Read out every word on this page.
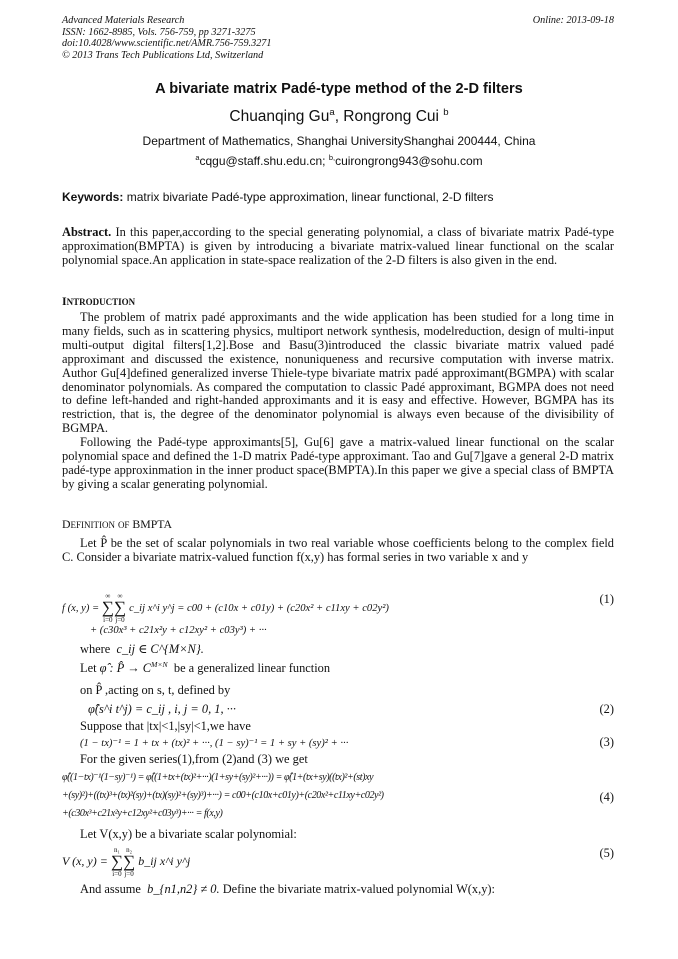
Advanced Materials Research
ISSN: 1662-8985, Vols. 756-759, pp 3271-3275
doi:10.4028/www.scientific.net/AMR.756-759.3271
© 2013 Trans Tech Publications Ltd, Switzerland
Online: 2013-09-18
A bivariate matrix Padé-type method of the 2-D filters
Chuanqing Gu$^a$, Rongrong Cui $^b$
Department of Mathematics, Shanghai UniversityShanghai 200444, China
$^a$cqgu@staff.shu.edu.cn; $^{b,}$cuirongrong943@sohu.com
Keywords: matrix bivariate Padé-type approximation, linear functional, 2-D filters
Abstract. In this paper,according to the special generating polynomial, a class of bivariate matrix Padé-type approximation(BMPTA) is given by introducing a bivariate matrix-valued linear functional on the scalar polynomial space.An application in state-space realization of the 2-D filters is also given in the end.
INTRODUCTION

The problem of matrix padé approximants and the wide application has been studied for a long time in many fields, such as in scattering physics, multiport network synthesis, modelreduction, design of multi-input multi-output digital filters[1,2].Bose and Basu(3)introduced the classic bivariate matrix valued padé approximant and discussed the existence, nonuniqueness and recursive computation with inverse matrix. Author Gu[4]defined generalized inverse Thiele-type bivariate matrix padé approximant(BGMPA) with scalar denominator polynomials. As compared the computation to classic Padé approximant, BGMPA does not need to define left-handed and right-handed approximants and it is easy and effective. However, BGMPA has its restriction, that is, the degree of the denominator polynomial is always even because of the divisibility of BGMPA.

Following the Padé-type approximants[5], Gu[6] gave a matrix-valued linear functional on the scalar polynomial space and defined the 1-D matrix Padé-type approximant. Tao and Gu[7]gave a general 2-D matrix padé-type approxinmation in the inner product space(BMPTA).In this paper we give a special class of BMPTA by giving a scalar generating polynomial.

DEFINITION OF BMPTA

Let P̂ be the set of scalar polynomials in two real variable whose coefficients belong to the complex field C. Consider a bivariate matrix-valued function f(x,y) has formal series in two variable x and y

f (x, y) =
∞
∑
i=0
∞
∑
j=0
c_ij x^i y^j = c00 + (c10x + c01y) + (c20x² + c11xy + c02y²)
(1)
+ (c30x³ + c21x²y + c12xy² + c03y³) + ···
where c_ij ∈ C^{M×N}.
Let φ̂ : P̂ → $C^{M\times N}$ be a generalized linear function
on P̂ ,acting on s, t, defined by
φ̂(s^i t^j) = c_ij , i, j = 0, 1, ···	(2)
Suppose that |tx|<1,|sy|<1,we have
(1 − tx)⁻¹ = 1 + tx + (tx)² + ···, (1 − sy)⁻¹ = 1 + sy + (sy)² + ···	(3)
For the given series(1),from (2)and (3) we get
φ̂((1−tx)⁻¹(1−sy)⁻¹) = φ̂((1+tx+(tx)²+···)(1+sy+(sy)²+···)) = φ̂(1+(tx+sy)((tx)²+(st)xy
+(sy)²)+((tx)³+(tx)²(sy)+(tx)(sy)²+(sy)³)+···) = c00+(c10x+c01y)+(c20x²+c11xy+c02y²)	(4)
+(c30x³+c21x²y+c12xy²+c03y³)+··· = f(x,y)
Let V(x,y) be a bivariate scalar polynomial:
V (x, y) =
n₁
∑
i=0
n₂
∑
j=0
b_ij x^i y^j
(5)
And assume b_{n1,n2} ≠ 0. Define the bivariate matrix-valued polynomial W(x,y):
